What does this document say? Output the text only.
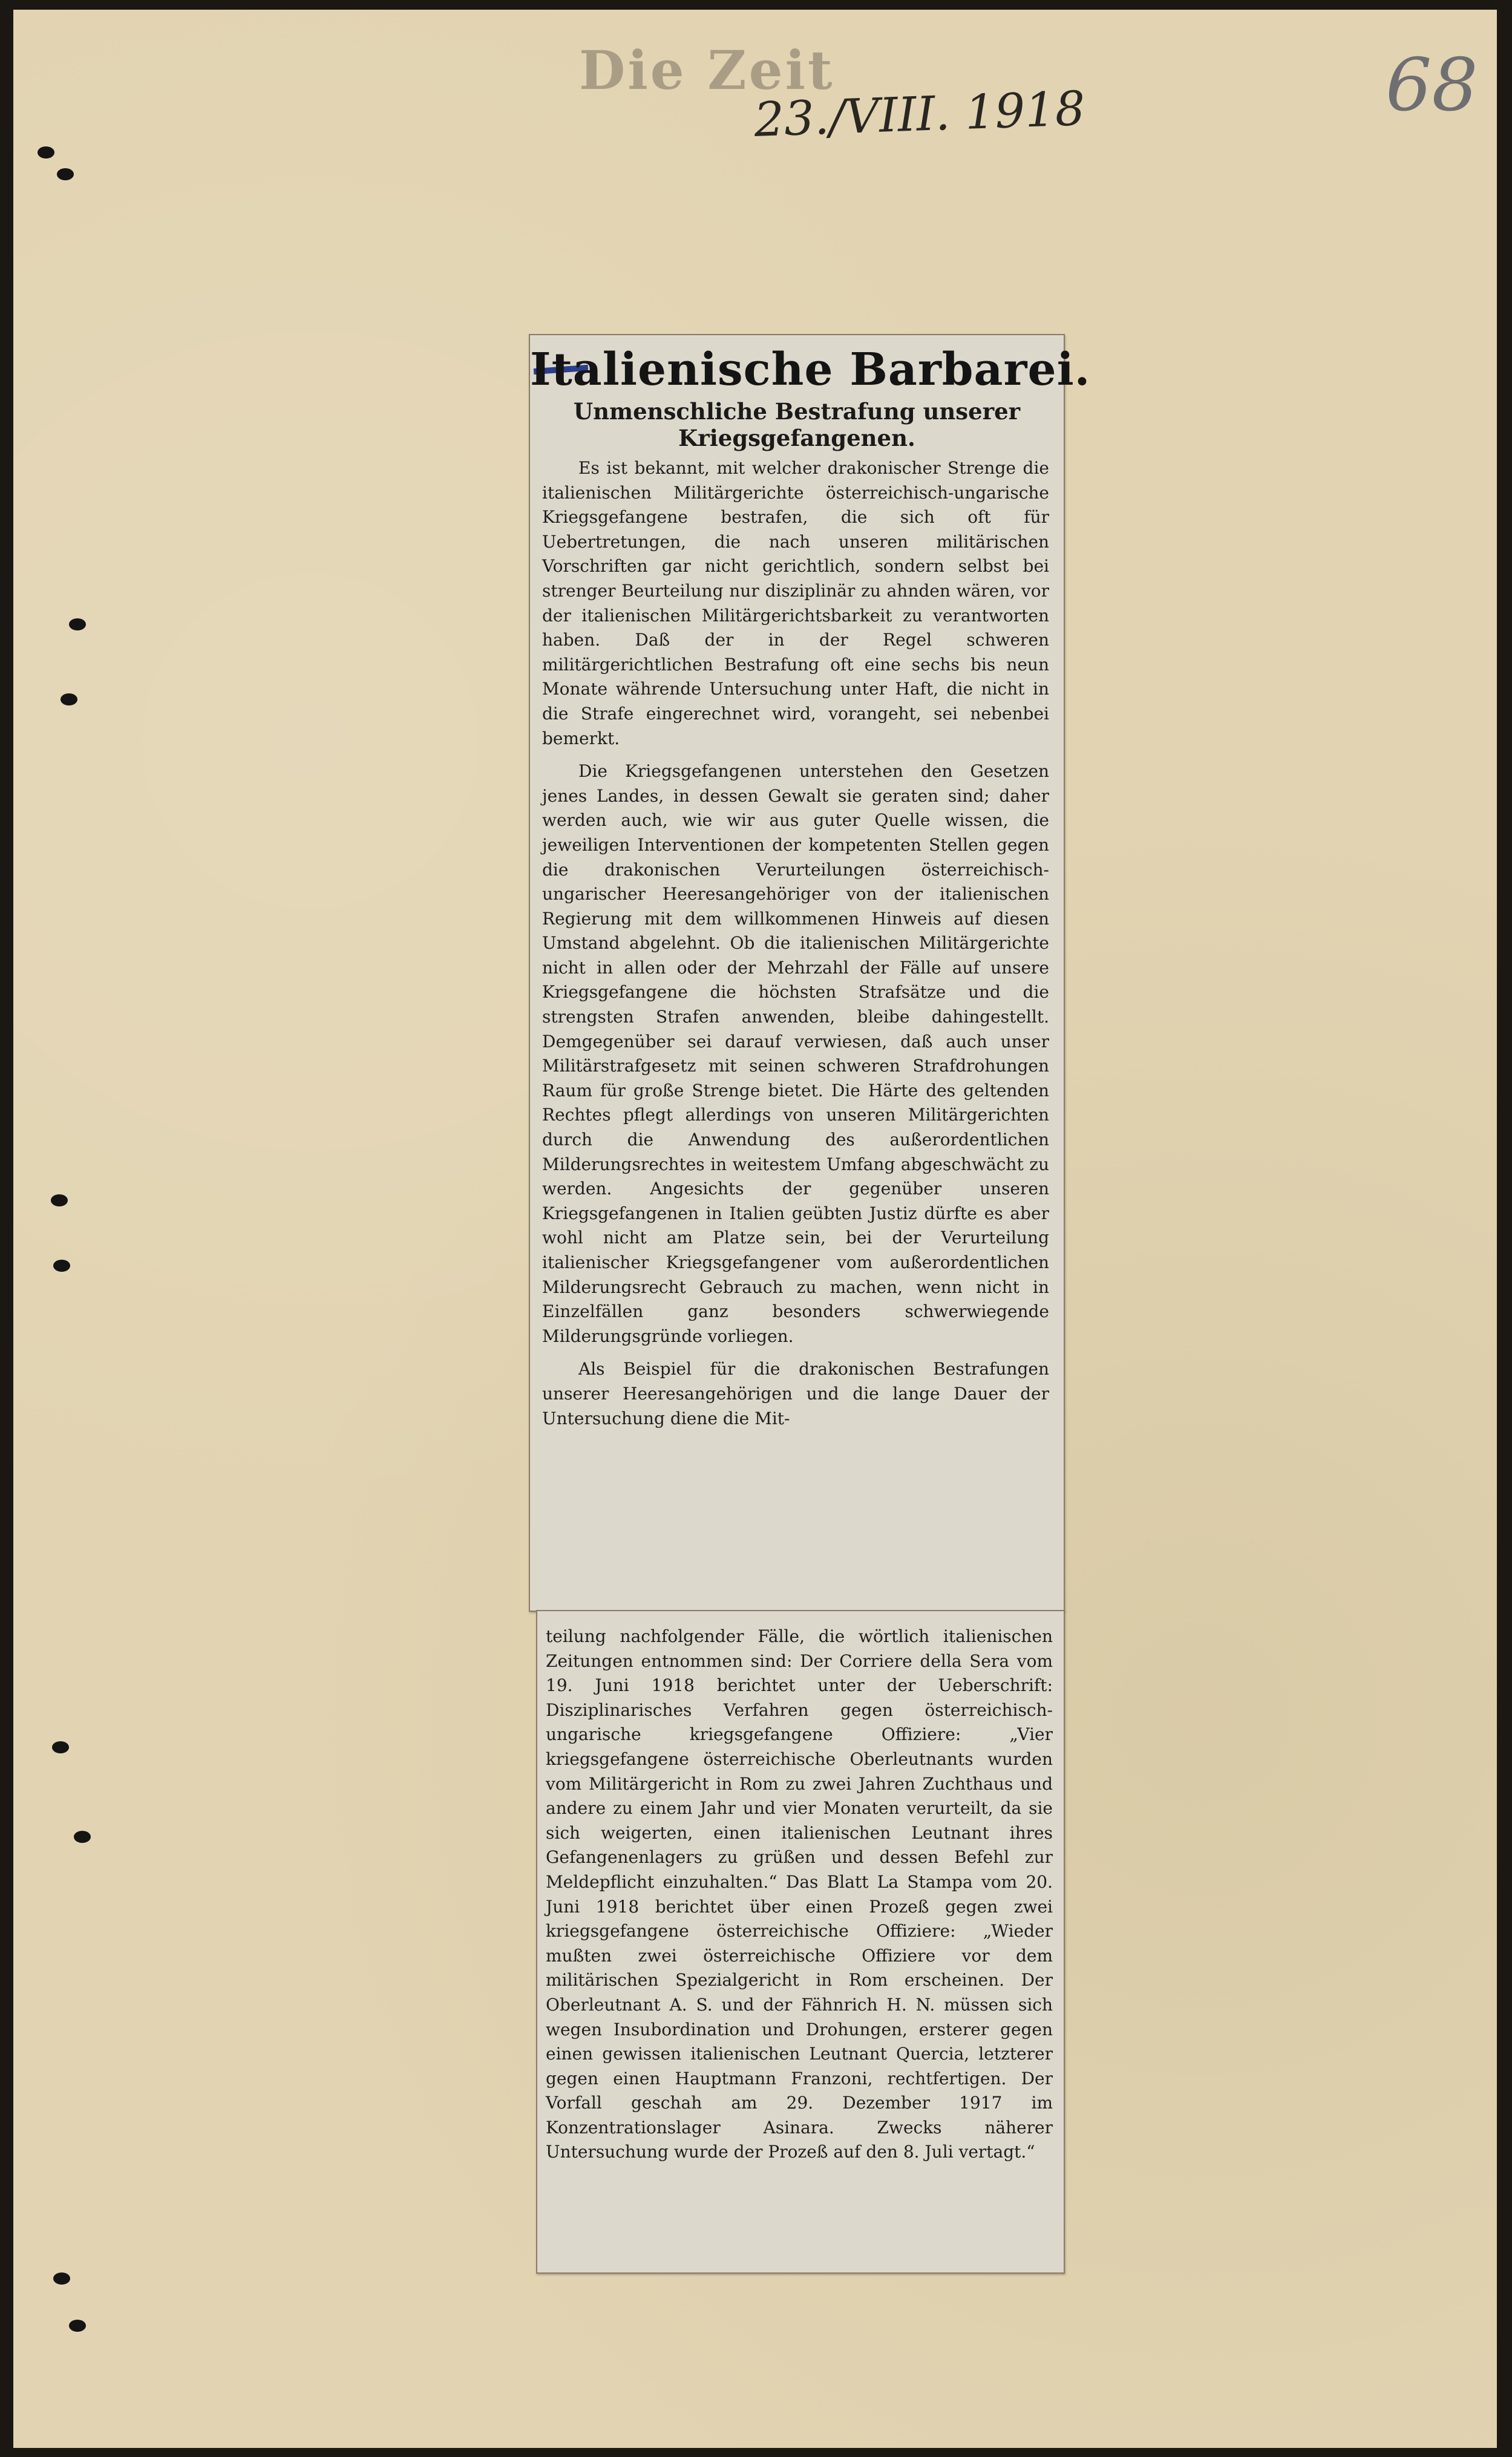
Die Zeit
23./VIII. 1918	68
Italienische Barbarei.
Unmenschliche Bestrafung unserer Kriegsgefangenen.

Es ist bekannt, mit welcher drakonischer Strenge die italienischen Militärgerichte österreichisch-ungarische Kriegsgefangene bestrafen, die sich oft für Uebertretungen, die nach unseren militärischen Vorschriften gar nicht gerichtlich, sondern selbst bei strenger Beurteilung nur disziplinär zu ahnden wären, vor der italienischen Militärgerichtsbarkeit zu verantworten haben. Daß der in der Regel schweren militärgerichtlichen Bestrafung oft eine sechs bis neun Monate währende Untersuchung unter Haft, die nicht in die Strafe eingerechnet wird, vorangeht, sei nebenbei bemerkt.

Die Kriegsgefangenen unterstehen den Gesetzen jenes Landes, in dessen Gewalt sie geraten sind; daher werden auch, wie wir aus guter Quelle wissen, die jeweiligen Interventionen der kompetenten Stellen gegen die drakonischen Verurteilungen österreichisch-ungarischer Heeresangehöriger von der italienischen Regierung mit dem willkommenen Hinweis auf diesen Umstand abgelehnt. Ob die italienischen Militärgerichte nicht in allen oder der Mehrzahl der Fälle auf unsere Kriegsgefangene die höchsten Strafsätze und die strengsten Strafen anwenden, bleibe dahingestellt. Demgegenüber sei darauf verwiesen, daß auch unser Militärstrafgesetz mit seinen schweren Strafdrohungen Raum für große Strenge bietet. Die Härte des geltenden Rechtes pflegt allerdings von unseren Militärgerichten durch die Anwendung des außerordentlichen Milderungsrechtes in weitestem Umfang abgeschwächt zu werden. Angesichts der gegenüber unseren Kriegsgefangenen in Italien geübten Justiz dürfte es aber wohl nicht am Platze sein, bei der Verurteilung italienischer Kriegsgefangener vom außerordentlichen Milderungsrecht Gebrauch zu machen, wenn nicht in Einzelfällen ganz besonders schwerwiegende Milderungsgründe vorliegen.

Als Beispiel für die drakonischen Bestrafungen unserer Heeresangehörigen und die lange Dauer der Untersuchung diene die Mit-

teilung nachfolgender Fälle, die wörtlich italienischen Zeitungen entnommen sind: Der Corriere della Sera vom 19. Juni 1918 berichtet unter der Ueberschrift: Disziplinarisches Verfahren gegen österreichisch-ungarische kriegsgefangene Offiziere: „Vier kriegsgefangene österreichische Oberleutnants wurden vom Militärgericht in Rom zu zwei Jahren Zuchthaus und andere zu einem Jahr und vier Monaten verurteilt, da sie sich weigerten, einen italienischen Leutnant ihres Gefangenenlagers zu grüßen und dessen Befehl zur Meldepflicht einzuhalten.“ Das Blatt La Stampa vom 20. Juni 1918 berichtet über einen Prozeß gegen zwei kriegsgefangene österreichische Offiziere: „Wieder mußten zwei österreichische Offiziere vor dem militärischen Spezialgericht in Rom erscheinen. Der Oberleutnant A. S. und der Fähnrich H. N. müssen sich wegen Insubordination und Drohungen, ersterer gegen einen gewissen italienischen Leutnant Quercia, letzterer gegen einen Hauptmann Franzoni, rechtfertigen. Der Vorfall geschah am 29. Dezember 1917 im Konzentrationslager Asinara. Zwecks näherer Untersuchung wurde der Prozeß auf den 8. Juli vertagt.“
